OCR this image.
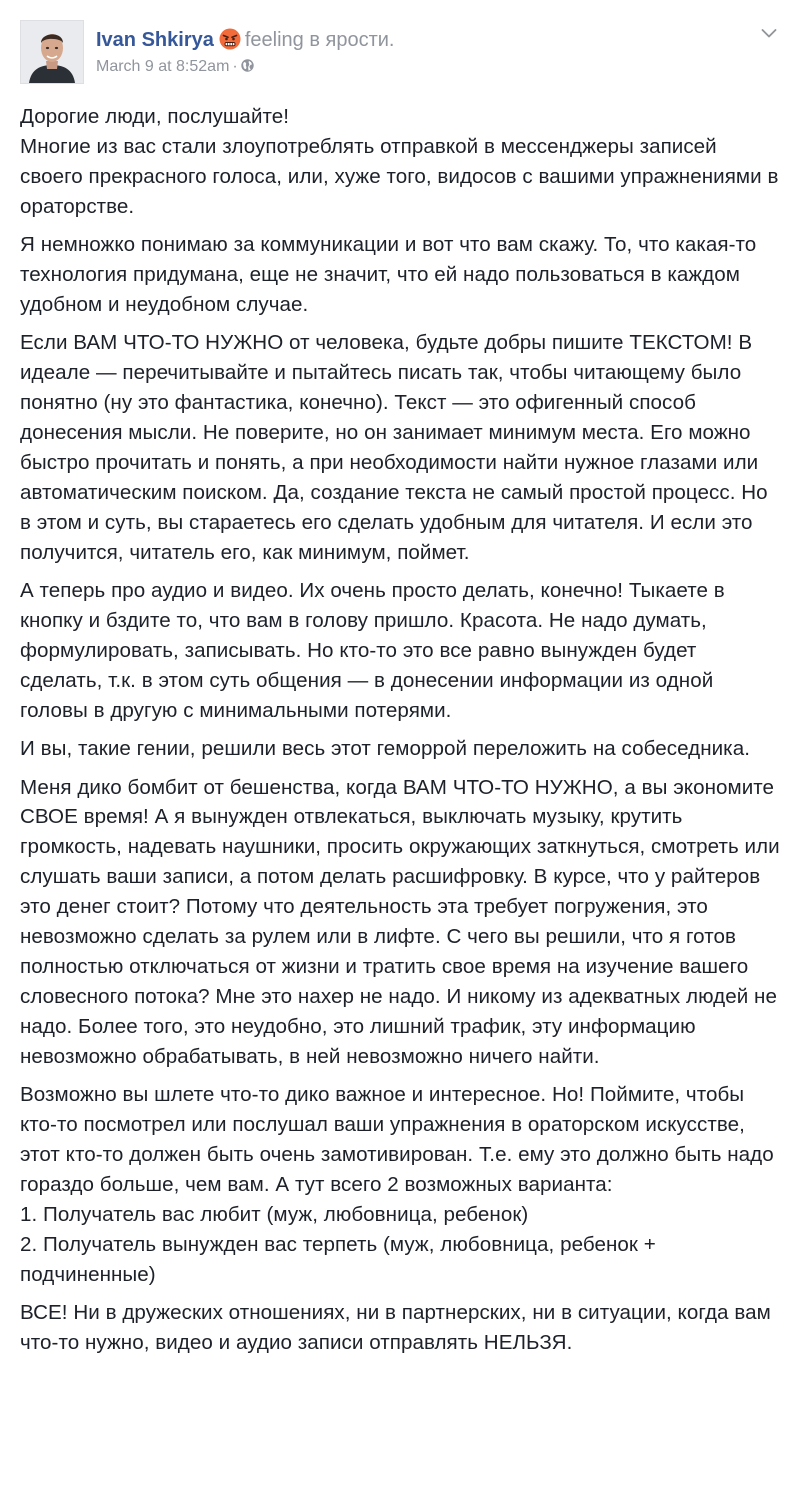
Ivan Shkirya feeling в ярости.
March 9 at 8:52am ·

Дорогие люди, послушайте!
Многие из вас стали злоупотреблять отправкой в мессенджеры записей своего прекрасного голоса, или, хуже того, видосов с вашими упражнениями в ораторстве.

Я немножко понимаю за коммуникации и вот что вам скажу. То, что какая-то технология придумана, еще не значит, что ей надо пользоваться в каждом удобном и неудобном случае.

Если ВАМ ЧТО-ТО НУЖНО от человека, будьте добры пишите ТЕКСТОМ! В идеале — перечитывайте и пытайтесь писать так, чтобы читающему было понятно (ну это фантастика, конечно). Текст — это офигенный способ донесения мысли. Не поверите, но он занимает минимум места. Его можно быстро прочитать и понять, а при необходимости найти нужное глазами или автоматическим поиском. Да, создание текста не самый простой процесс. Но в этом и суть, вы стараетесь его сделать удобным для читателя. И если это получится, читатель его, как минимум, поймет.

А теперь про аудио и видео. Их очень просто делать, конечно! Тыкаете в кнопку и бздите то, что вам в голову пришло. Красота. Не надо думать, формулировать, записывать. Но кто-то это все равно вынужден будет сделать, т.к. в этом суть общения — в донесении информации из одной головы в другую с минимальными потерями.

И вы, такие гении, решили весь этот геморрой переложить на собеседника.

Меня дико бомбит от бешенства, когда ВАМ ЧТО-ТО НУЖНО, а вы экономите СВОЕ время! А я вынужден отвлекаться, выключать музыку, крутить громкость, надевать наушники, просить окружающих заткнуться, смотреть или слушать ваши записи, а потом делать расшифровку. В курсе, что у райтеров это денег стоит? Потому что деятельность эта требует погружения, это невозможно сделать за рулем или в лифте. С чего вы решили, что я готов полностью отключаться от жизни и тратить свое время на изучение вашего словесного потока? Мне это нахер не надо. И никому из адекватных людей не надо. Более того, это неудобно, это лишний трафик, эту информацию невозможно обрабатывать, в ней невозможно ничего найти.

Возможно вы шлете что-то дико важное и интересное. Но! Поймите, чтобы кто-то посмотрел или послушал ваши упражнения в ораторском искусстве, этот кто-то должен быть очень замотивирован. Т.е. ему это должно быть надо гораздо больше, чем вам. А тут всего 2 возможных варианта:
1. Получатель вас любит (муж, любовница, ребенок)
2. Получатель вынужден вас терпеть (муж, любовница, ребенок + подчиненные)

ВСЕ! Ни в дружеских отношениях, ни в партнерских, ни в ситуации, когда вам что-то нужно, видео и аудио записи отправлять НЕЛЬЗЯ.
